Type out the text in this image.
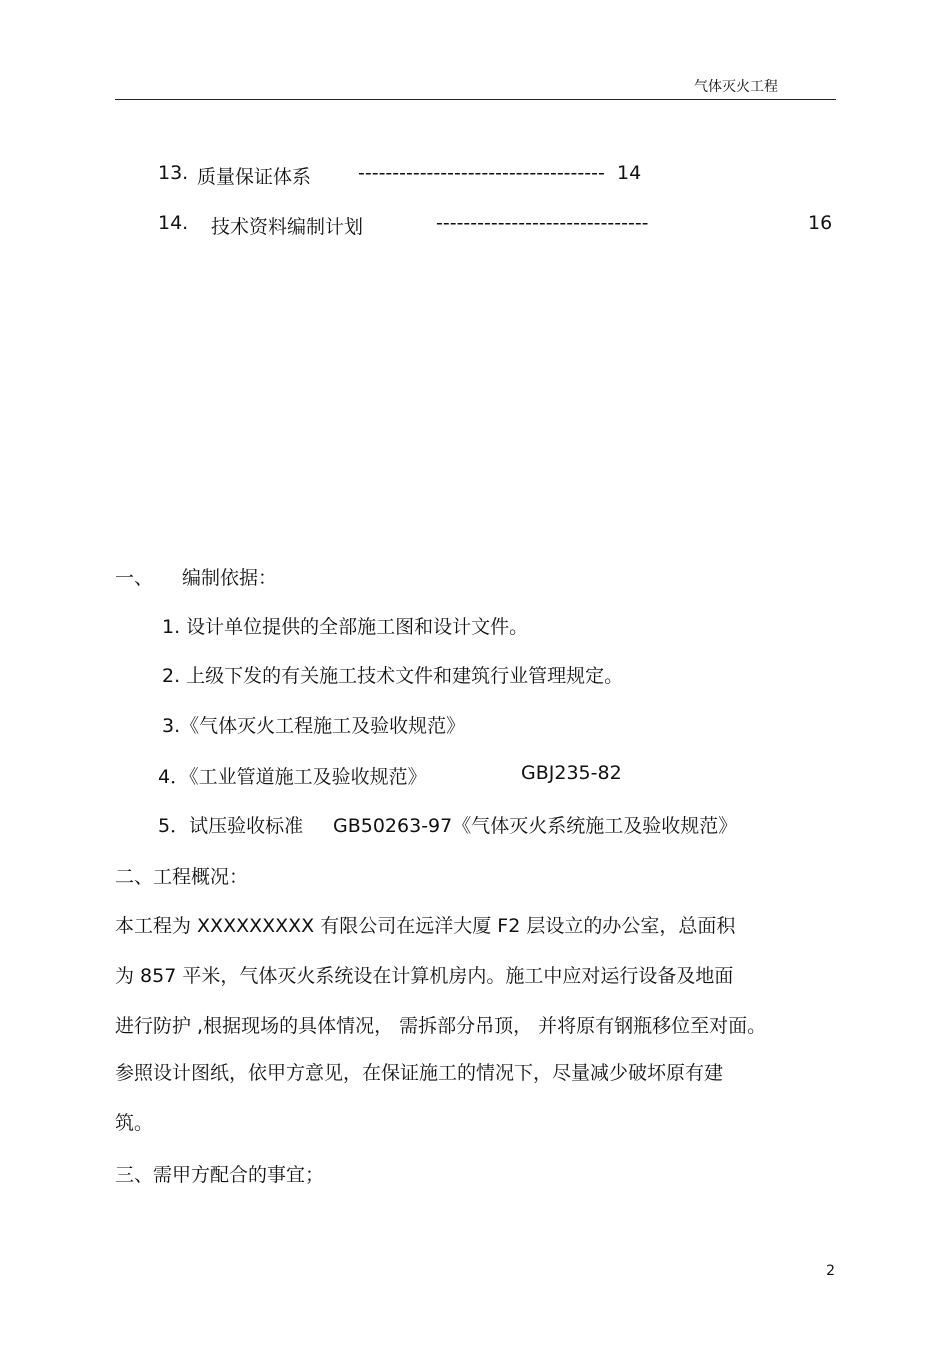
气体灭火工程
13. 质量保证体系 ------------------------------------ 14
14. 技术资料编制计划	-------------------------------	16
一、 编制依据：
1. 设计单位提供的全部施工图和设计文件。
2. 上级下发的有关施工技术文件和建筑行业管理规定。
3.《气体灭火工程施工及验收规范》
4．《工业管道施工及验收规范》	GBJ235-82
5．试压验收标准 GB50263-97《气体灭火系统施工及验收规范》
二、工程概况：
本工程为 XXXXXXXXX 有限公司在远洋大厦 F2 层设立的办公室，总面积
为 857 平米，气体灭火系统设在计算机房内。施工中应对运行设备及地面
进行防护 ,根据现场的具体情况， 需拆部分吊顶， 并将原有钢瓶移位至对面。
参照设计图纸，依甲方意见，在保证施工的情况下，尽量减少破坏原有建
筑。
三、需甲方配合的事宜；
2
